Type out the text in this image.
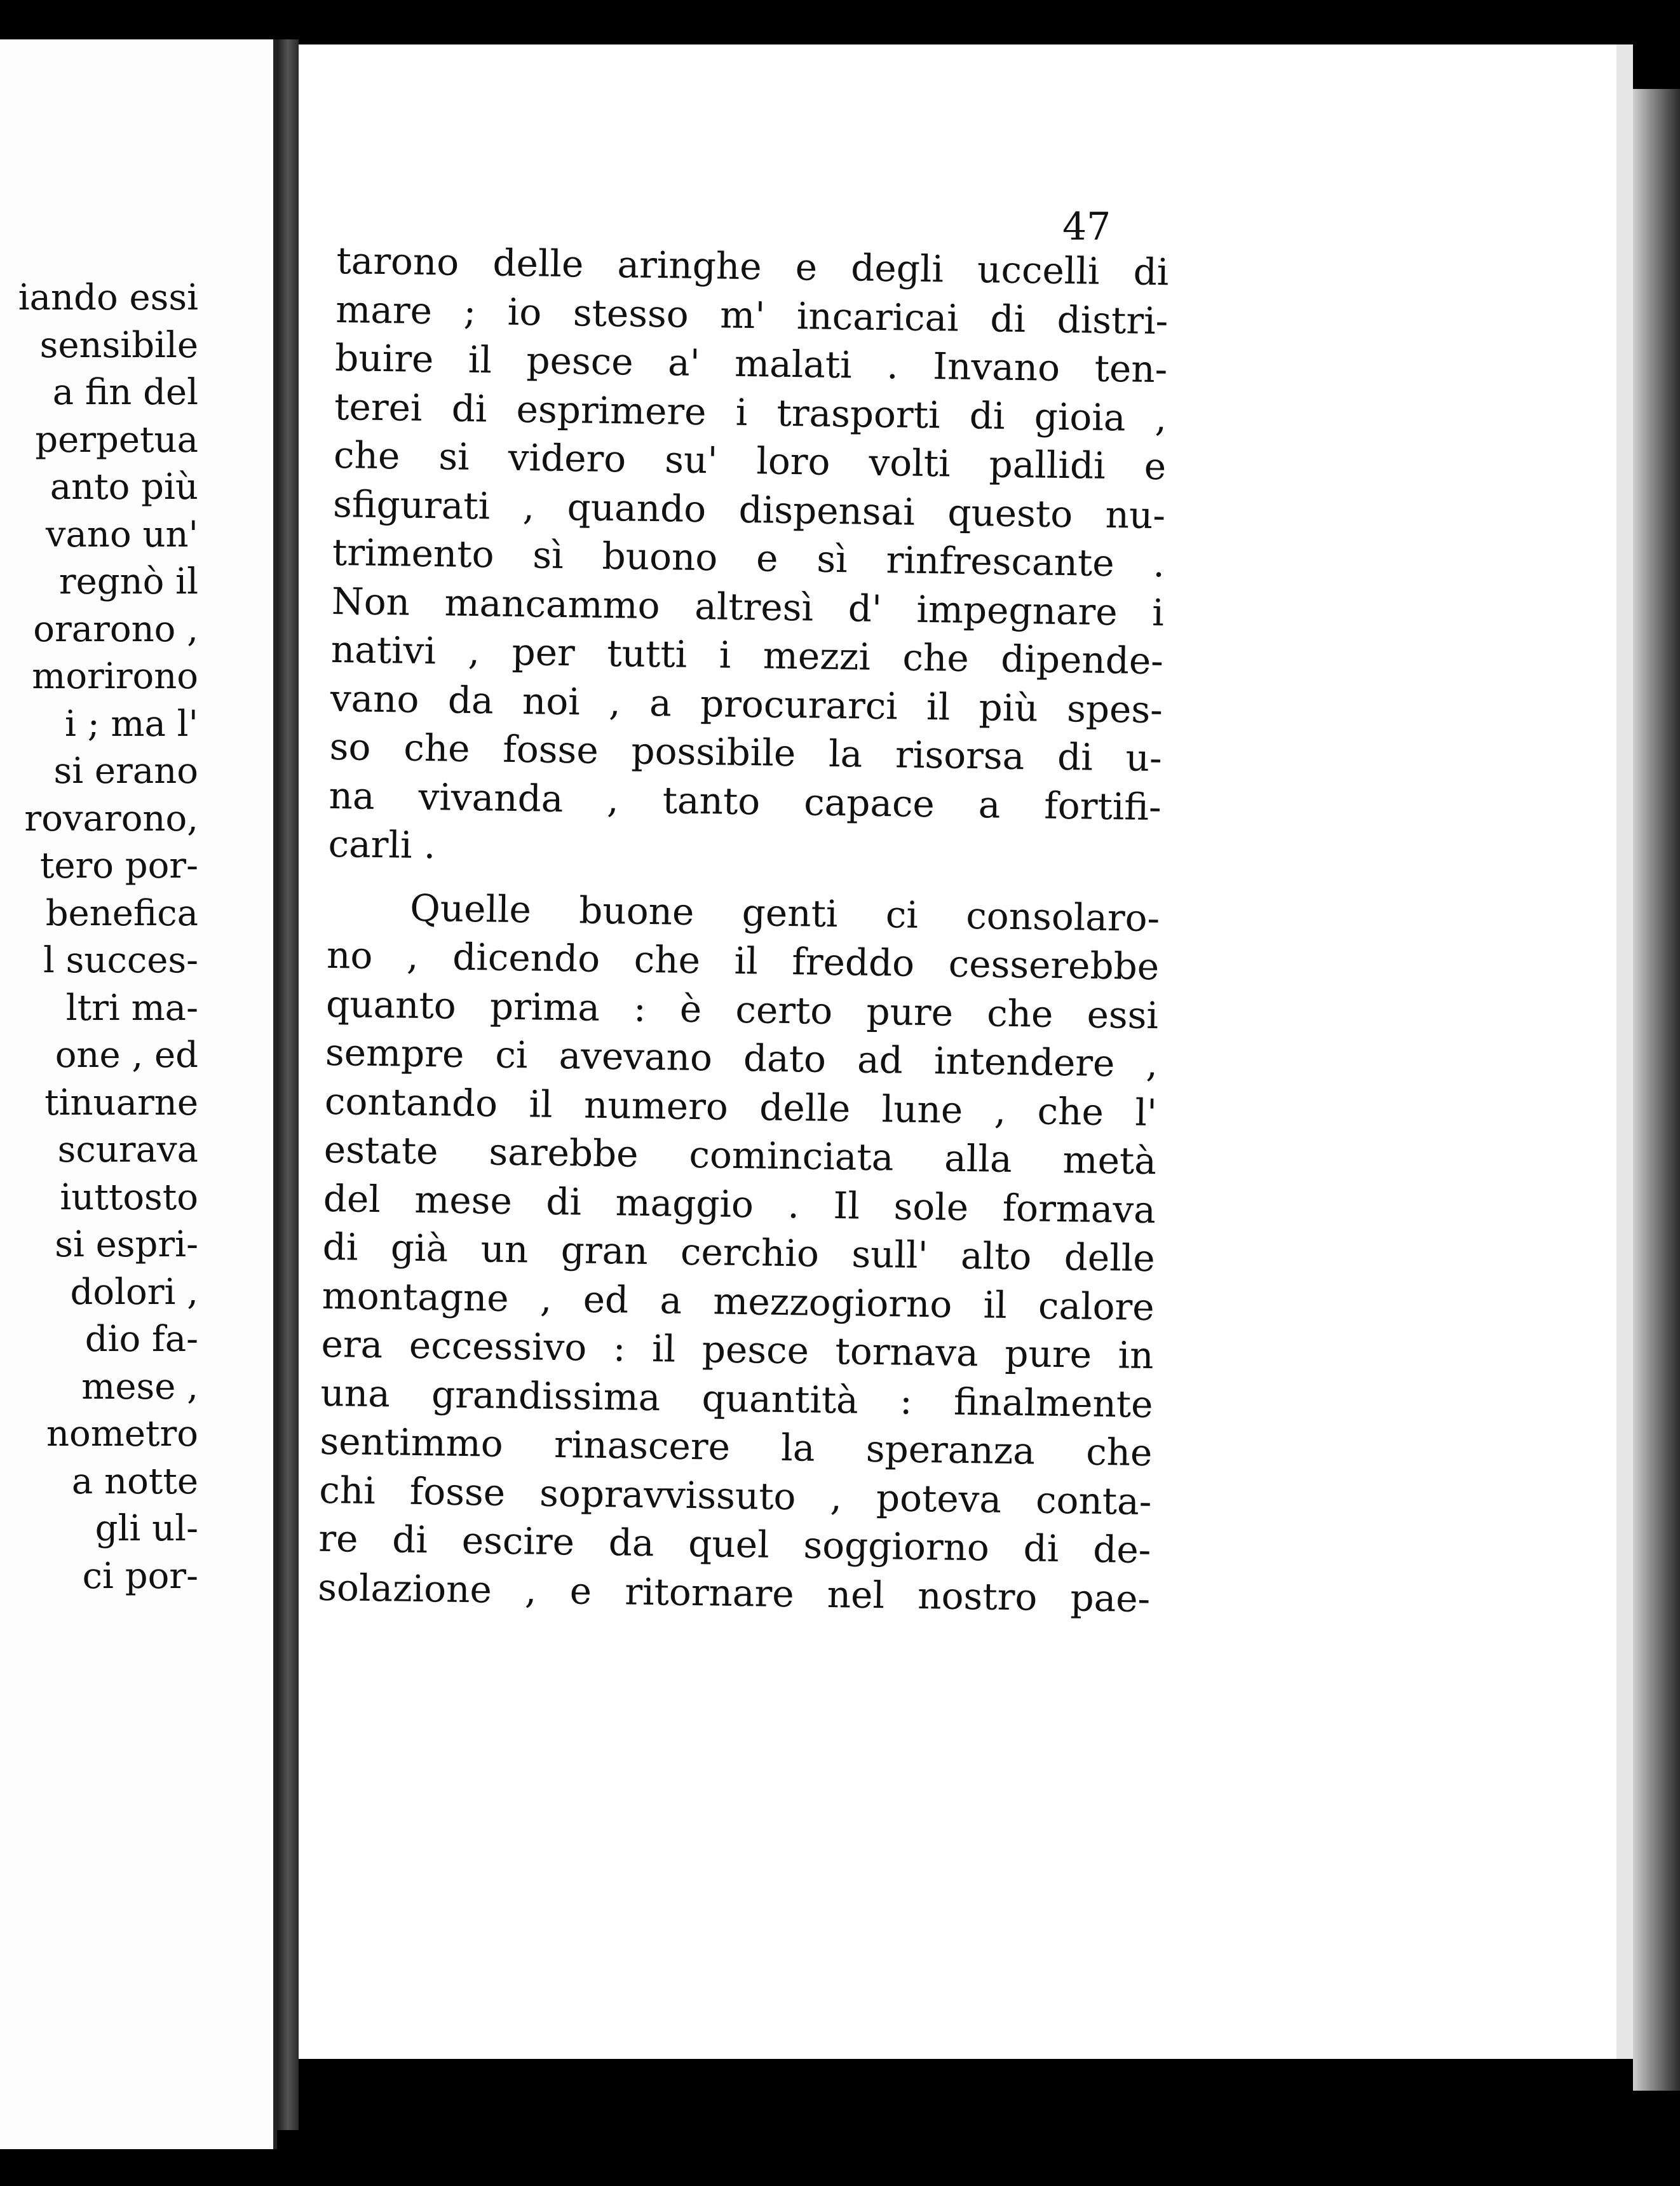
iando essi
sensibile
a fin del
perpetua
anto più
vano un'
regnò il
orarono ,
morirono
i ; ma l'
si erano
rovarono,
tero por-
benefica
l succes-
ltri ma-
one , ed
tinuarne
scurava
iuttosto
si espri-
dolori ,
dio fa-
mese ,
nometro
a notte
gli ul-
ci por-

47

tarono delle aringhe e degli uccelli di
mare ; io stesso m' incaricai di distri-
buire il pesce a' malati . Invano ten-
terei di esprimere i trasporti di gioia ,
che si videro su' loro volti pallidi e
sfigurati , quando dispensai questo nu-
trimento sì buono e sì rinfrescante .
Non mancammo altresì d' impegnare i
nativi , per tutti i mezzi che dipende-
vano da noi , a procurarci il più spes-
so che fosse possibile la risorsa di u-
na vivanda , tanto capace a fortifi-
carli .
Quelle buone genti ci consolaro-
no , dicendo che il freddo cesserebbe
quanto prima : è certo pure che essi
sempre ci avevano dato ad intendere ,
contando il numero delle lune , che l'
estate sarebbe cominciata alla metà
del mese di maggio . Il sole formava
di già un gran cerchio sull' alto delle
montagne , ed a mezzogiorno il calore
era eccessivo : il pesce tornava pure in
una grandissima quantità : finalmente
sentimmo rinascere la speranza che
chi fosse sopravvissuto , poteva conta-
re di escire da quel soggiorno di de-
solazione , e ritornare nel nostro pae-
